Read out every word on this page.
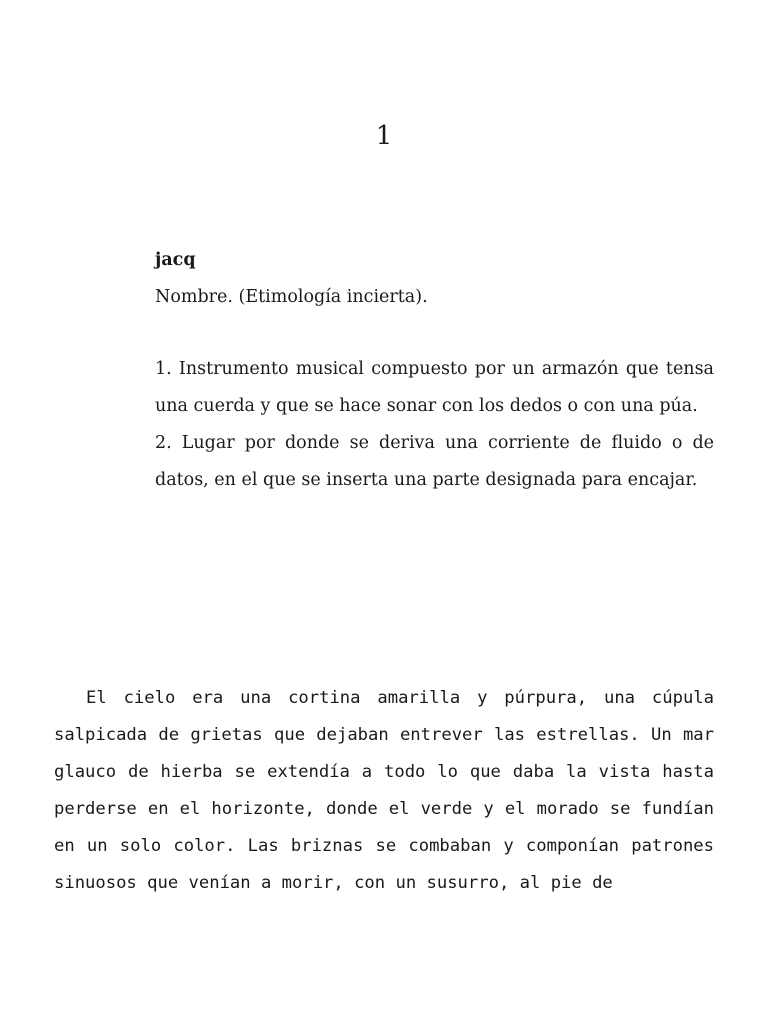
1
jacq
Nombre. (Etimología incierta).
1. Instrumento musical compuesto por un armazón que tensa una cuerda y que se hace sonar con los dedos o con una púa.
2. Lugar por donde se deriva una corriente de fluido o de datos, en el que se inserta una parte designada para encajar.

El cielo era una cortina amarilla y púrpura, una cúpula salpicada de grietas que dejaban entrever las estrellas. Un mar glauco de hierba se extendía a todo lo que daba la vista hasta perderse en el horizonte, donde el verde y el morado se fundían en un solo color. Las briznas se combaban y componían patrones sinuosos que venían a morir, con un susurro, al pie de
